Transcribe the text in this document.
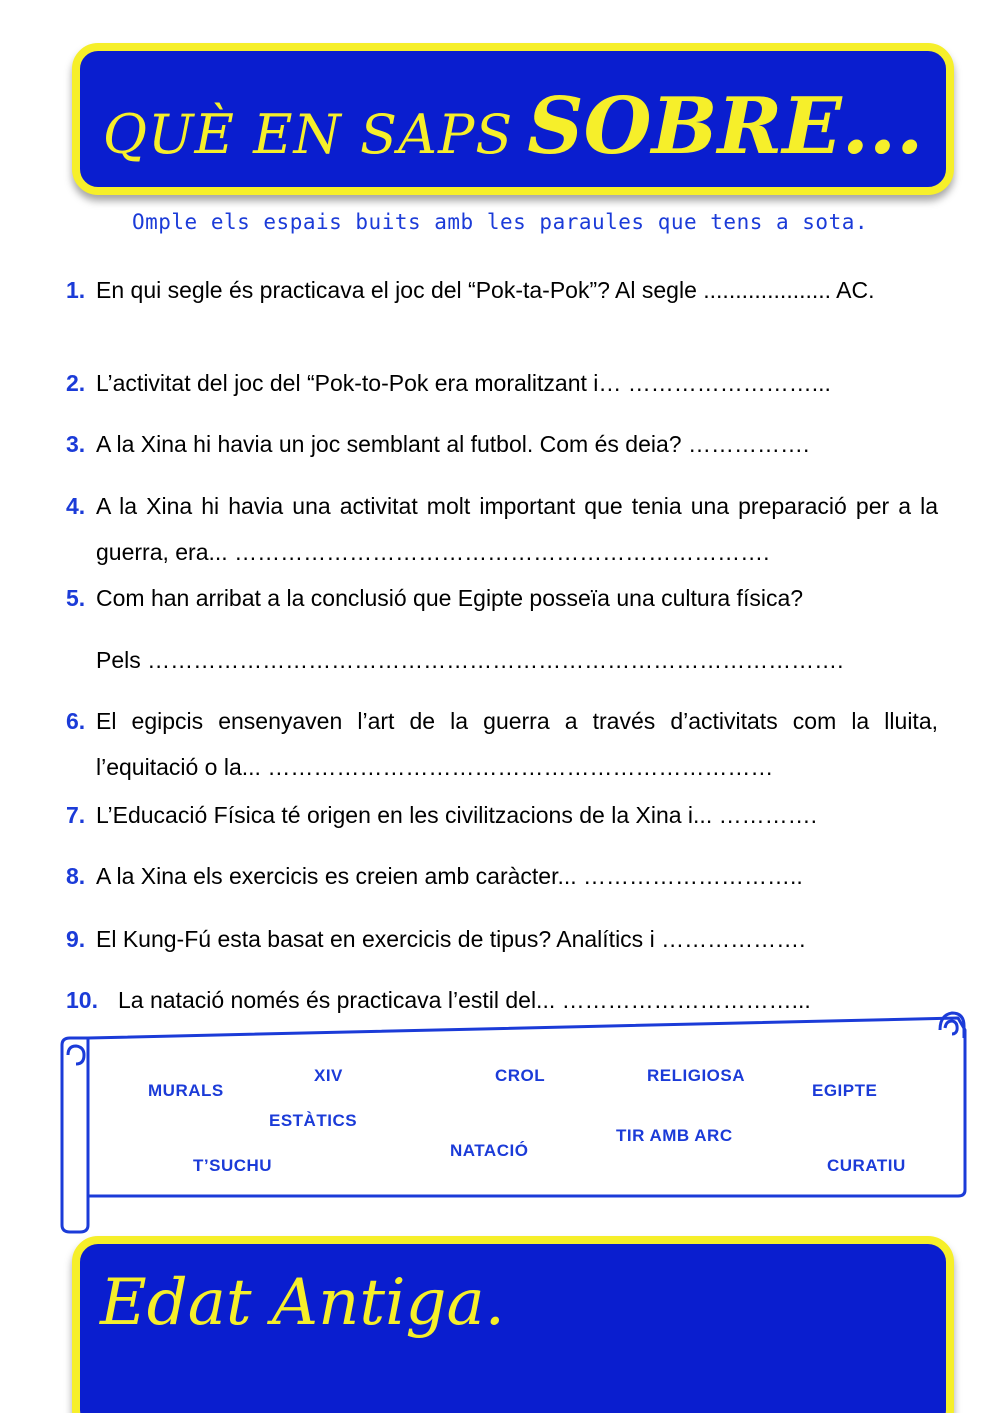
QUÈ EN SAPS SOBRE...
Omple els espais buits amb les paraules que tens a sota.
1. En qui segle és practicava el joc del “Pok-ta-Pok”? Al segle .................... AC.
2. L’activitat del joc del “Pok-to-Pok era moralitzant i… ……………………...
3. A la Xina hi havia un joc semblant al futbol. Com és deia? …………….
4. A la Xina hi havia una activitat molt important que tenia una preparació per a la guerra, era... …………………………………………………………….
5. Com han arribat a la conclusió que Egipte posseïa una cultura física?
Pels ……………………………………………………………………………….
6. El egipcis ensenyaven l’art de la guerra a través d’activitats com la lluita, l’equitació o la... …………………………………………………………
7. L’Educació Física té origen en les civilitzacions de la Xina i... ………….
8. A la Xina els exercicis es creien amb caràcter... ………………………..
9. El Kung-Fú esta basat en exercicis de tipus? Analítics i ……………….
10. La natació només és practicava l’estil del... …………………………...
MURALS
XIV	CROL	RELIGIOSA
EGIPTE
ESTÀTICS
TIR AMB ARC
NATACIÓ
T’SUCHU	CURATIU
Edat Antiga.
